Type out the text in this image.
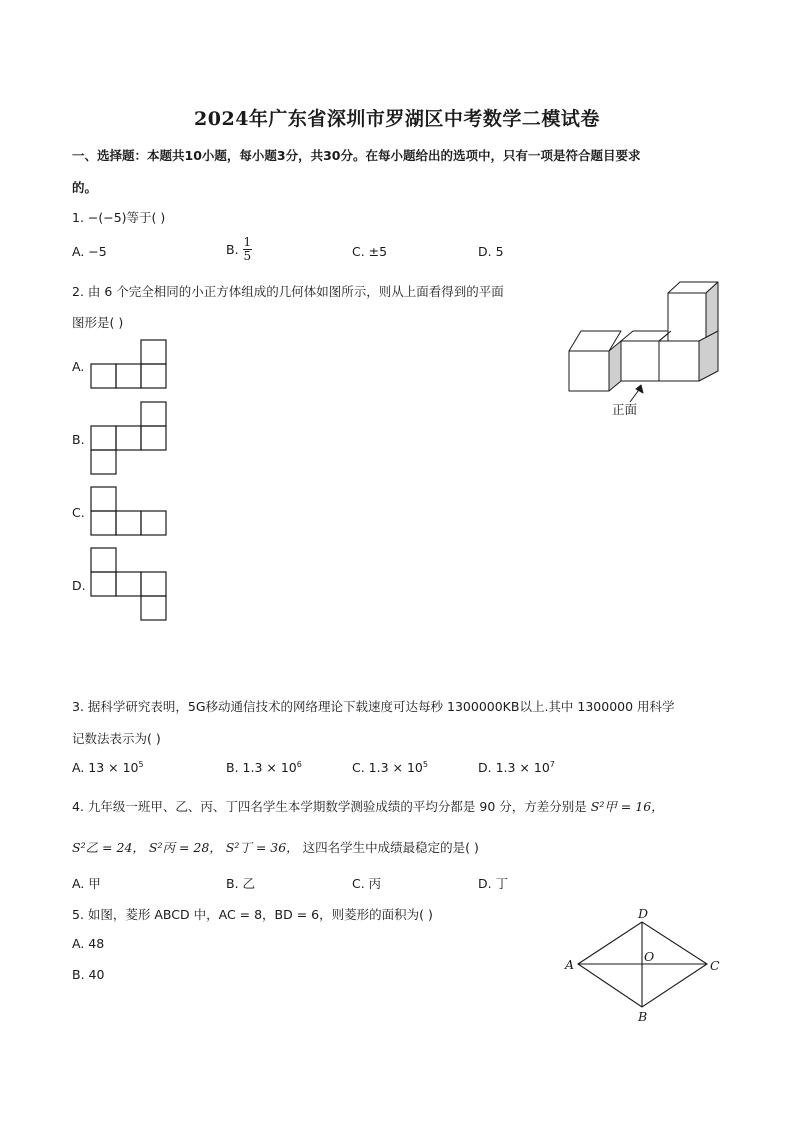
2024年广东省深圳市罗湖区中考数学二模试卷
一、选择题：本题共10小题，每小题3分，共30分。在每小题给出的选项中，只有一项是符合题目要求
的。
1. −(−5)等于( )
A. −5	B. $\frac{1}{5}$	C. ±5	D. 5
2. 由 6 个完全相同的小正方体组成的几何体如图所示，则从上面看得到的平面
图形是( )
A.
B.
C.
D.
正面
3. 据科学研究表明，5G移动通信技术的网络理论下载速度可达每秒 1300000KB以上.其中 1300000 用科学
记数法表示为( )
A. $13 \times 10^5$	B. $1.3 \times 10^6$	C. $1.3 \times 10^5$	D. $1.3 \times 10^7$
4. 九年级一班甲、乙、丙、丁四名学生本学期数学测验成绩的平均分都是 90 分，方差分别是 S²甲 = 16，
S²乙 = 24， S²丙 = 28， S²丁 = 36， 这四名学生中成绩最稳定的是( )
A. 甲	B. 乙	C. 丙	D. 丁
5. 如图，菱形 ABCD 中，AC = 8，BD = 6，则菱形的面积为( )
A. 48
B. 40
D
A
O
C
B
